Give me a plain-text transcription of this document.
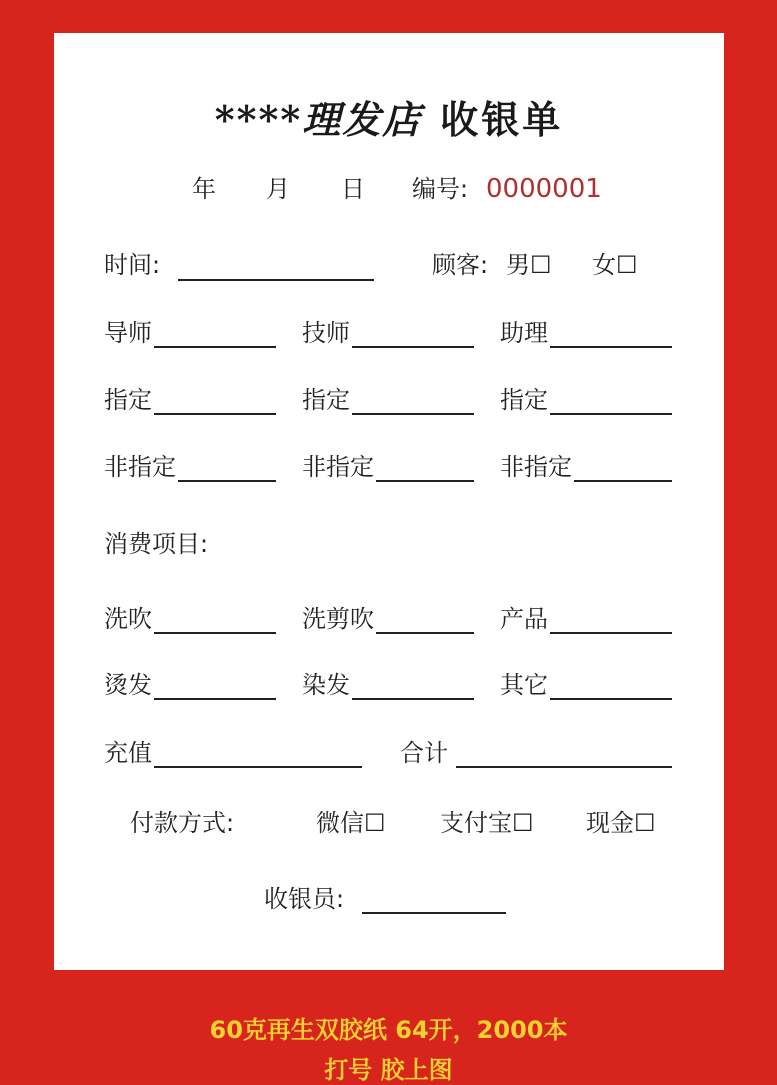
****理发店 收银单
年 月 日 编号: 0000001
时间:	顾客: 男☐ 女☐
导师	技师	助理
指定	指定	指定
非指定	非指定	非指定
消费项目:
洗吹	洗剪吹	产品
烫发	染发	其它
充值	合计
付款方式:	微信☐ 支付宝☐ 现金☐
收银员:
60克再生双胶纸 64开，2000本
打号 胶上图
